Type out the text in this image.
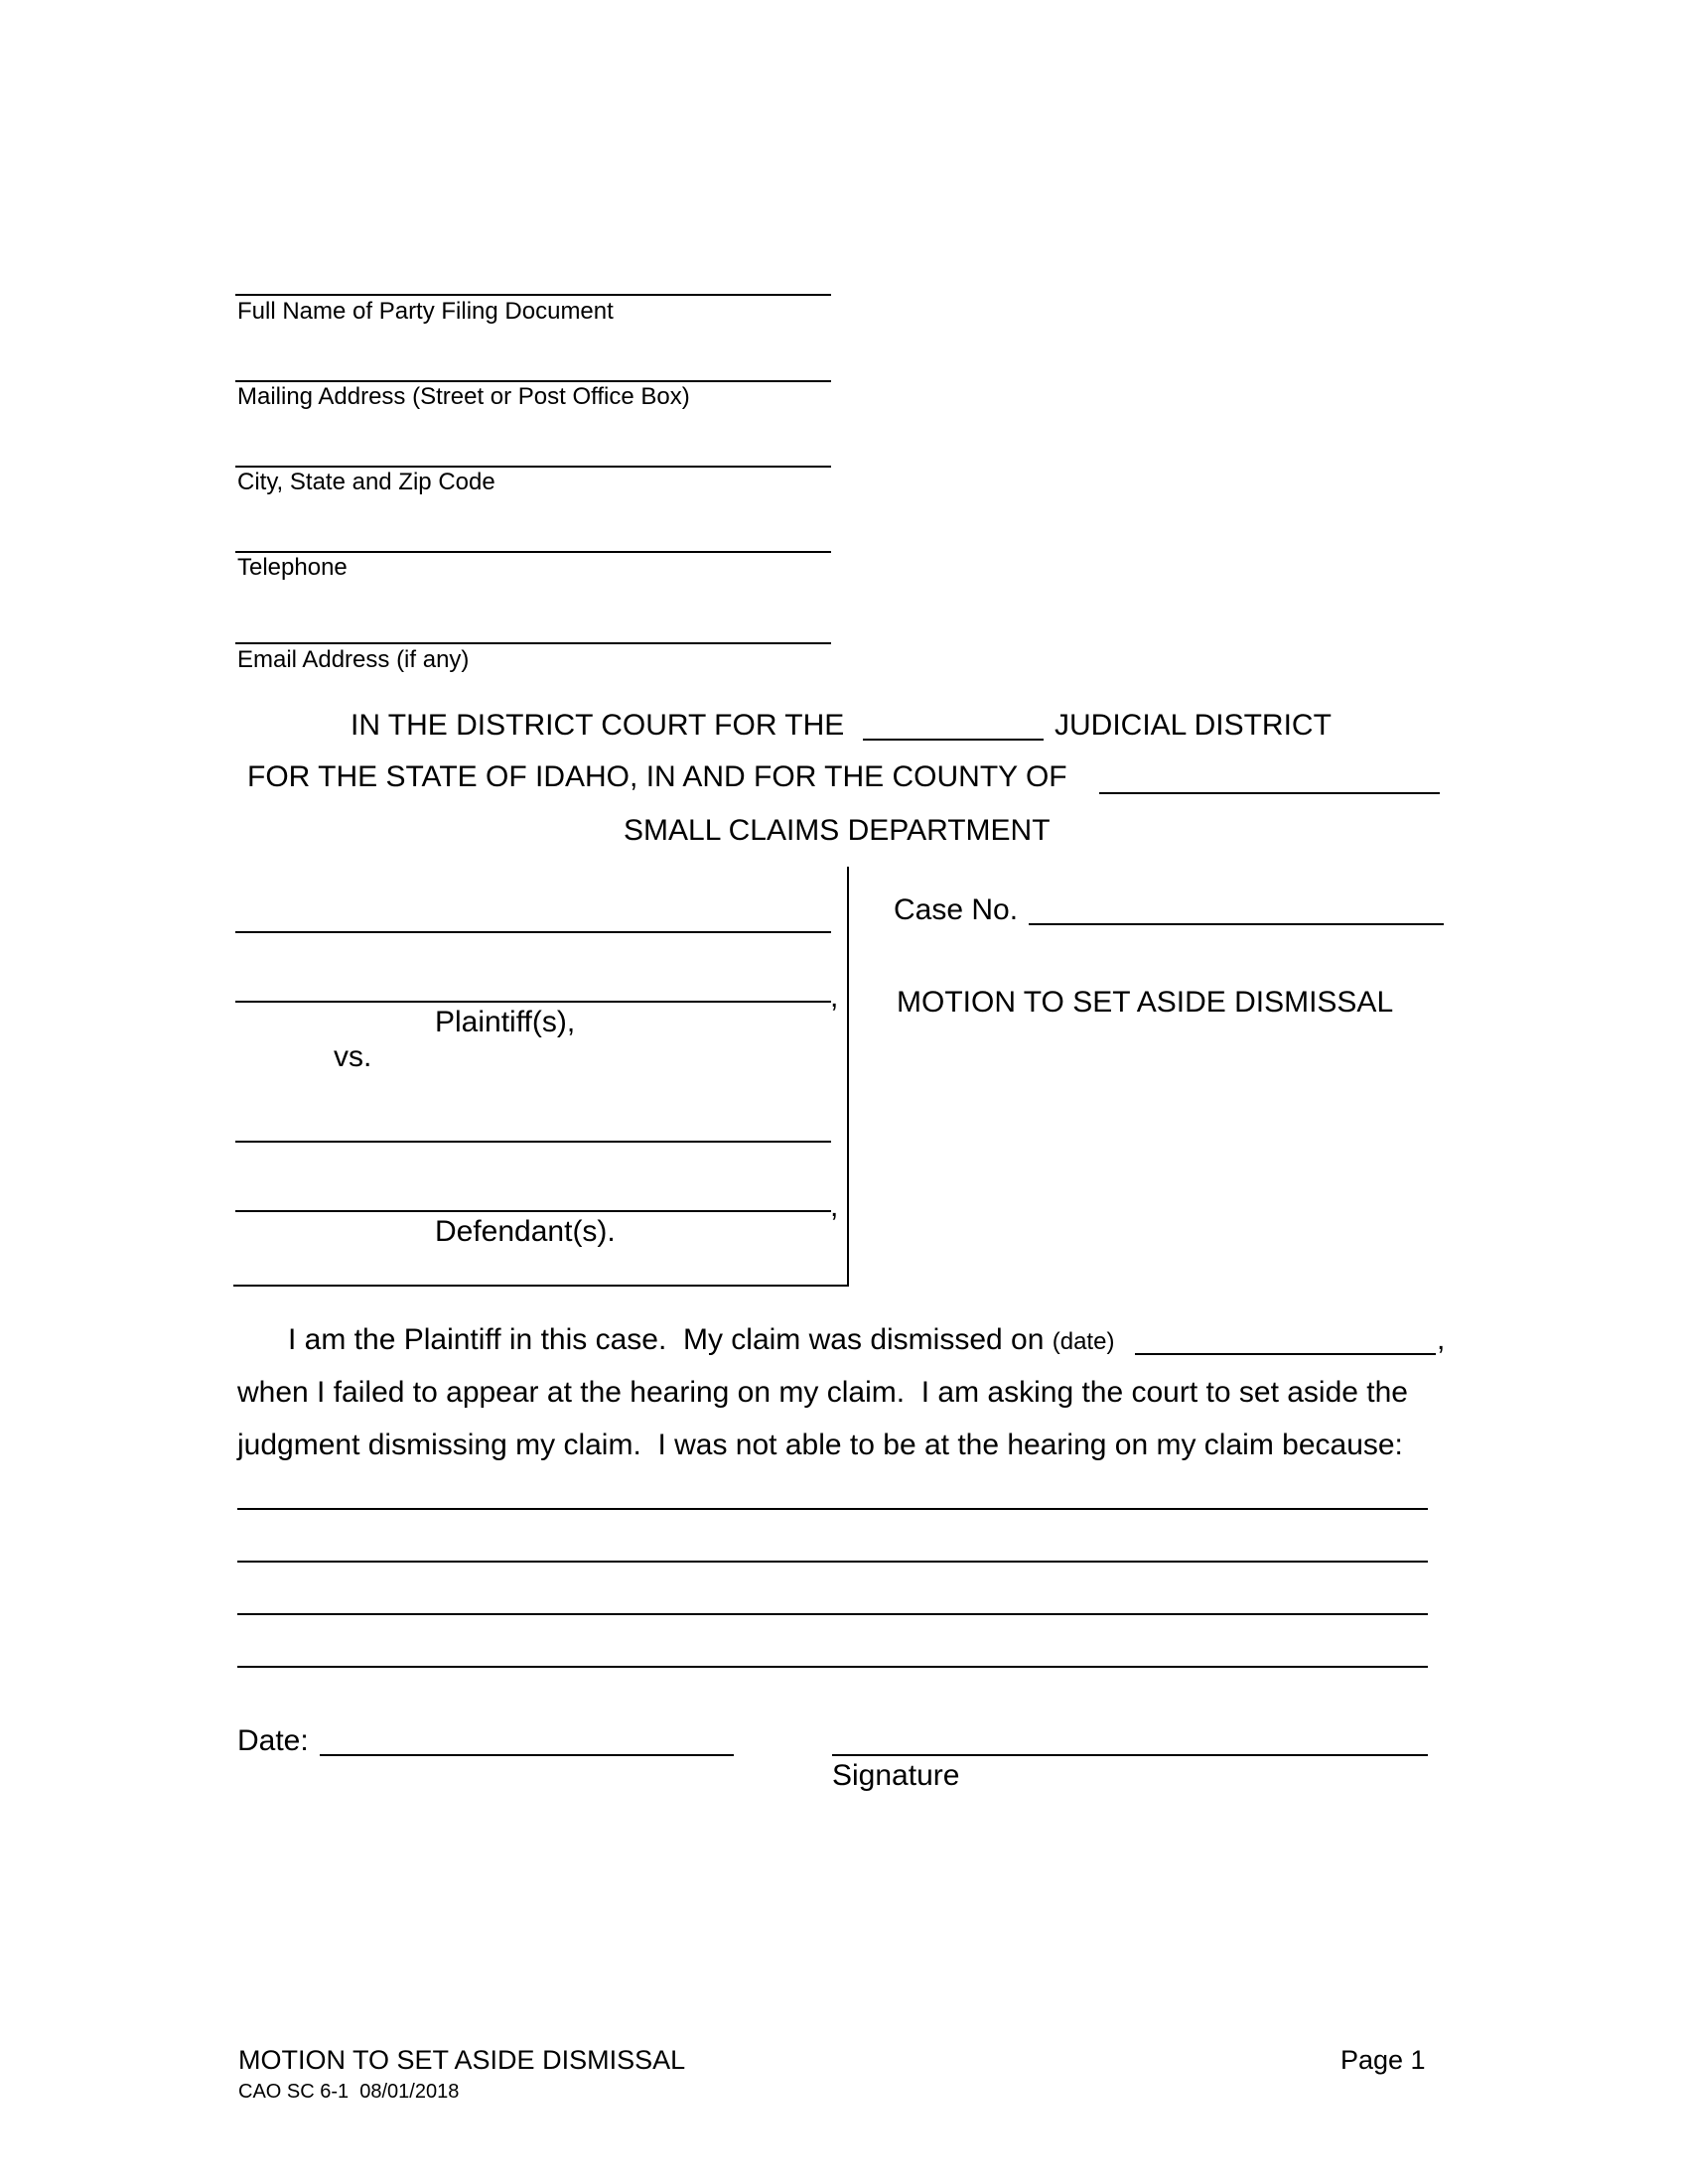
Full Name of Party Filing Document
Mailing Address (Street or Post Office Box)
City, State and Zip Code
Telephone
Email Address (if any)
IN THE DISTRICT COURT FOR THE	JUDICIAL DISTRICT
FOR THE STATE OF IDAHO, IN AND FOR THE COUNTY OF
SMALL CLAIMS DEPARTMENT
,
Plaintiff(s),
vs.
,
Defendant(s).
Case No.
MOTION TO SET ASIDE DISMISSAL
I am the Plaintiff in this case.  My claim was dismissed on (date)	,
when I failed to appear at the hearing on my claim.  I am asking the court to set aside the
judgment dismissing my claim.  I was not able to be at the hearing on my claim because:
Date:
Signature
MOTION TO SET ASIDE DISMISSAL
CAO SC 6-1  08/01/2018
Page 1
